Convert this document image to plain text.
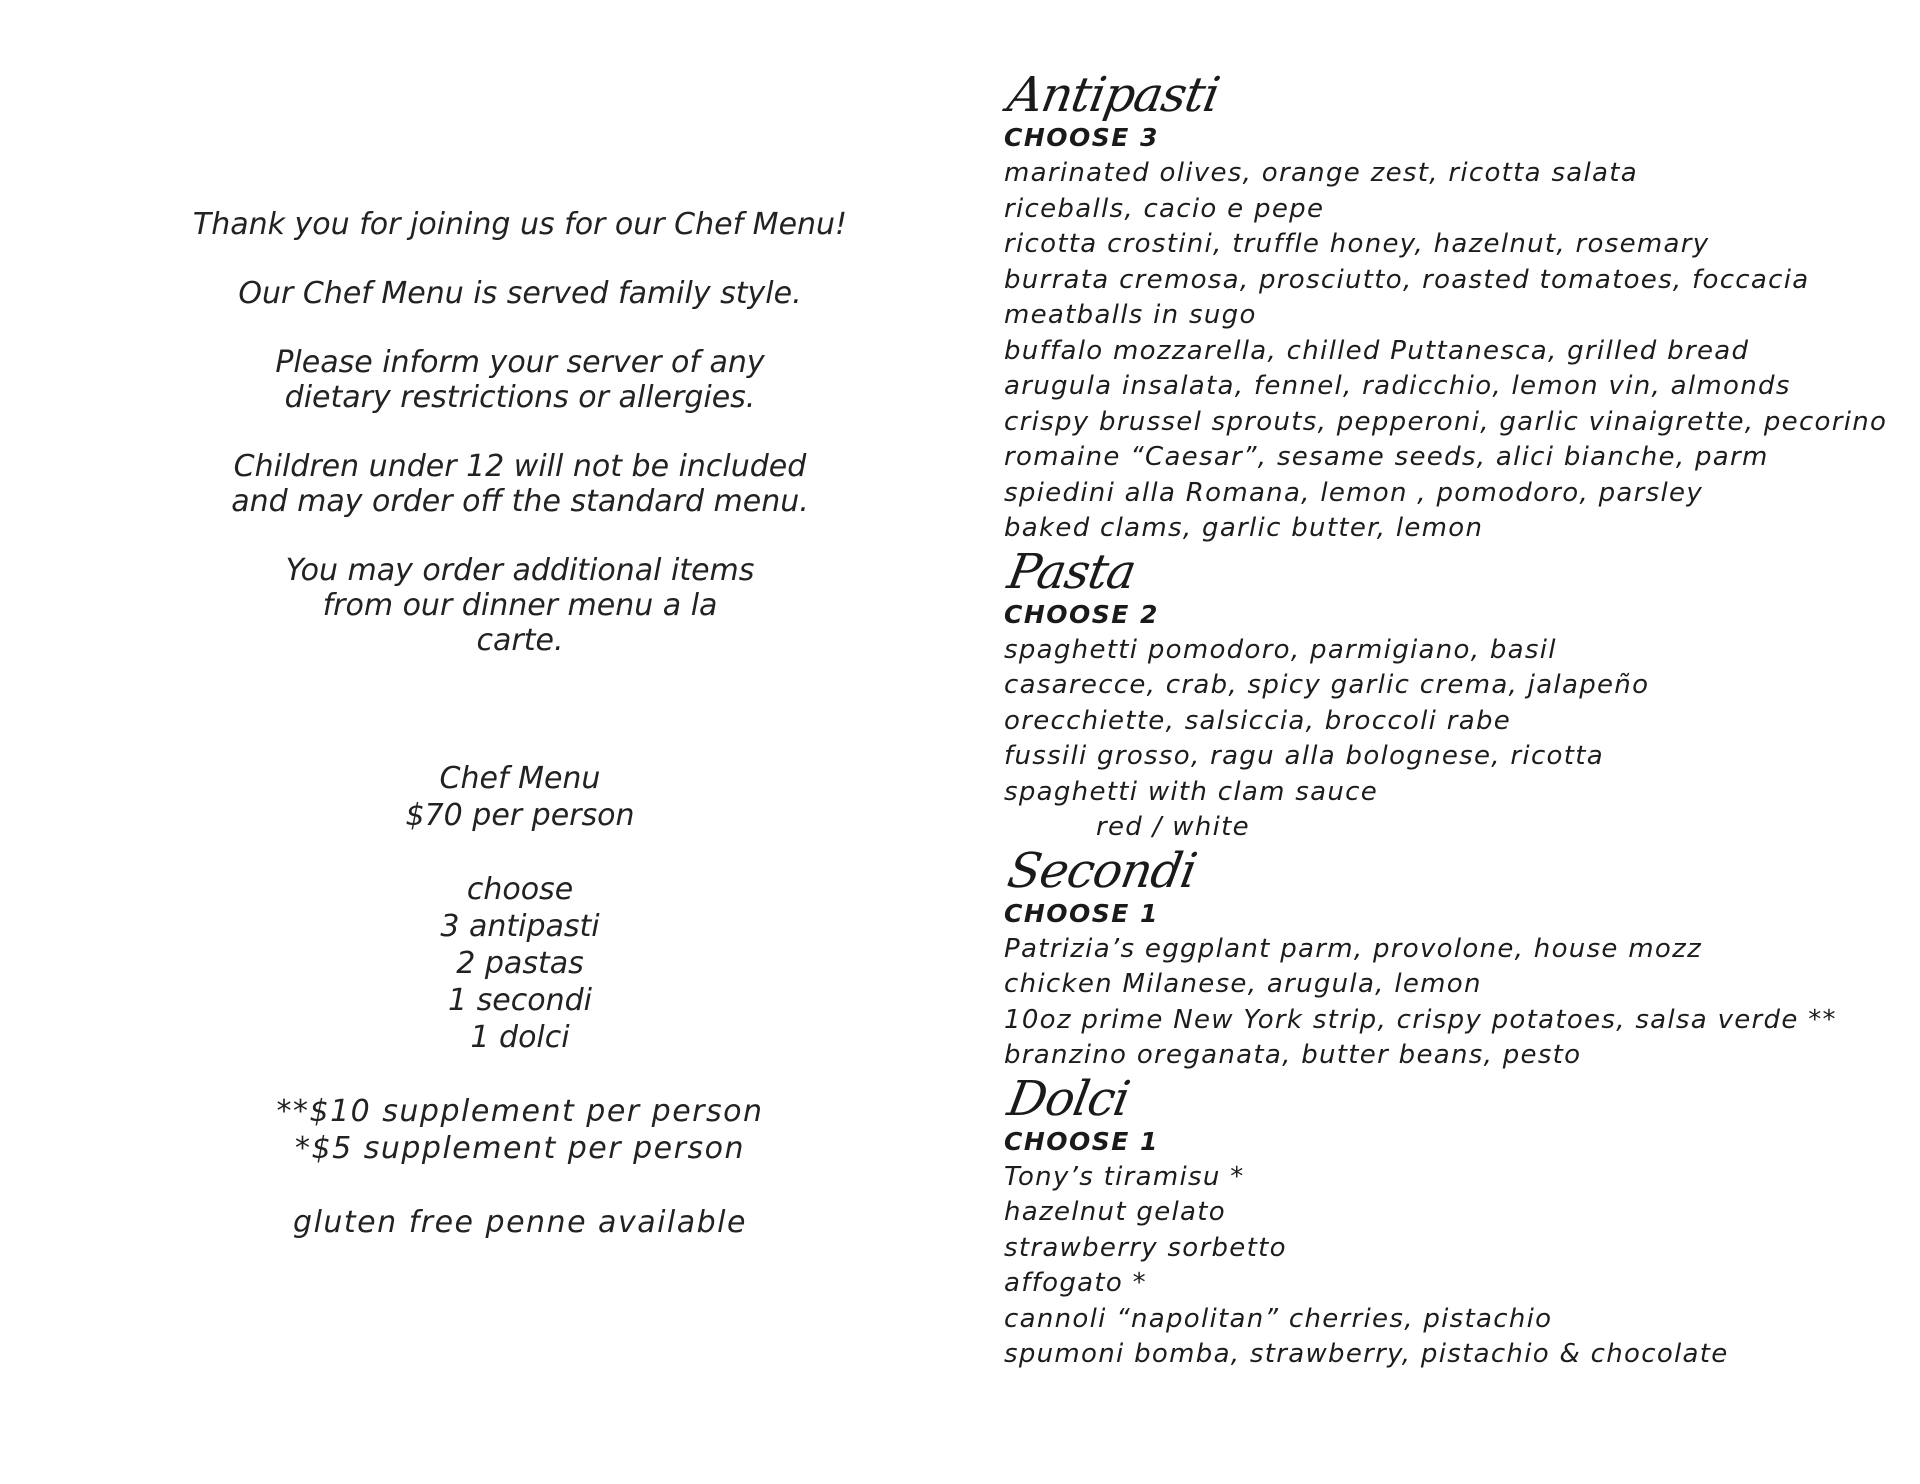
Thank you for joining us for our Chef Menu!

Our Chef Menu is served family style.

Please inform your server of any dietary restrictions or allergies.

Children under 12 will not be included and may order off the standard menu.

You may order additional items from our dinner menu a la carte.

Chef Menu
$70 per person
choose
3 antipasti
2 pastas
1 secondi
1 dolci
**$10 supplement per person
*$5 supplement per person
gluten free penne available
Antipasti
CHOOSE 3
marinated olives, orange zest, ricotta salata
riceballs, cacio e pepe
ricotta crostini, truffle honey, hazelnut, rosemary
burrata cremosa, prosciutto, roasted tomatoes, foccacia
meatballs in sugo
buffalo mozzarella, chilled Puttanesca, grilled bread
arugula insalata, fennel, radicchio, lemon vin, almonds
crispy brussel sprouts, pepperoni, garlic vinaigrette, pecorino
romaine “Caesar”, sesame seeds, alici bianche, parm
spiedini alla Romana, lemon , pomodoro, parsley
baked clams, garlic butter, lemon
Pasta
CHOOSE 2
spaghetti pomodoro, parmigiano, basil
casarecce, crab, spicy garlic crema, jalapeño
orecchiette, salsiccia, broccoli rabe
fussili grosso, ragu alla bolognese, ricotta
spaghetti with clam sauce
red / white
Secondi
CHOOSE 1
Patrizia’s eggplant parm, provolone, house mozz
chicken Milanese, arugula, lemon
10oz prime New York strip, crispy potatoes, salsa verde **
branzino oreganata, butter beans, pesto
Dolci
CHOOSE 1
Tony’s tiramisu *
hazelnut gelato
strawberry sorbetto
affogato *
cannoli “napolitan” cherries, pistachio
spumoni bomba, strawberry, pistachio & chocolate
